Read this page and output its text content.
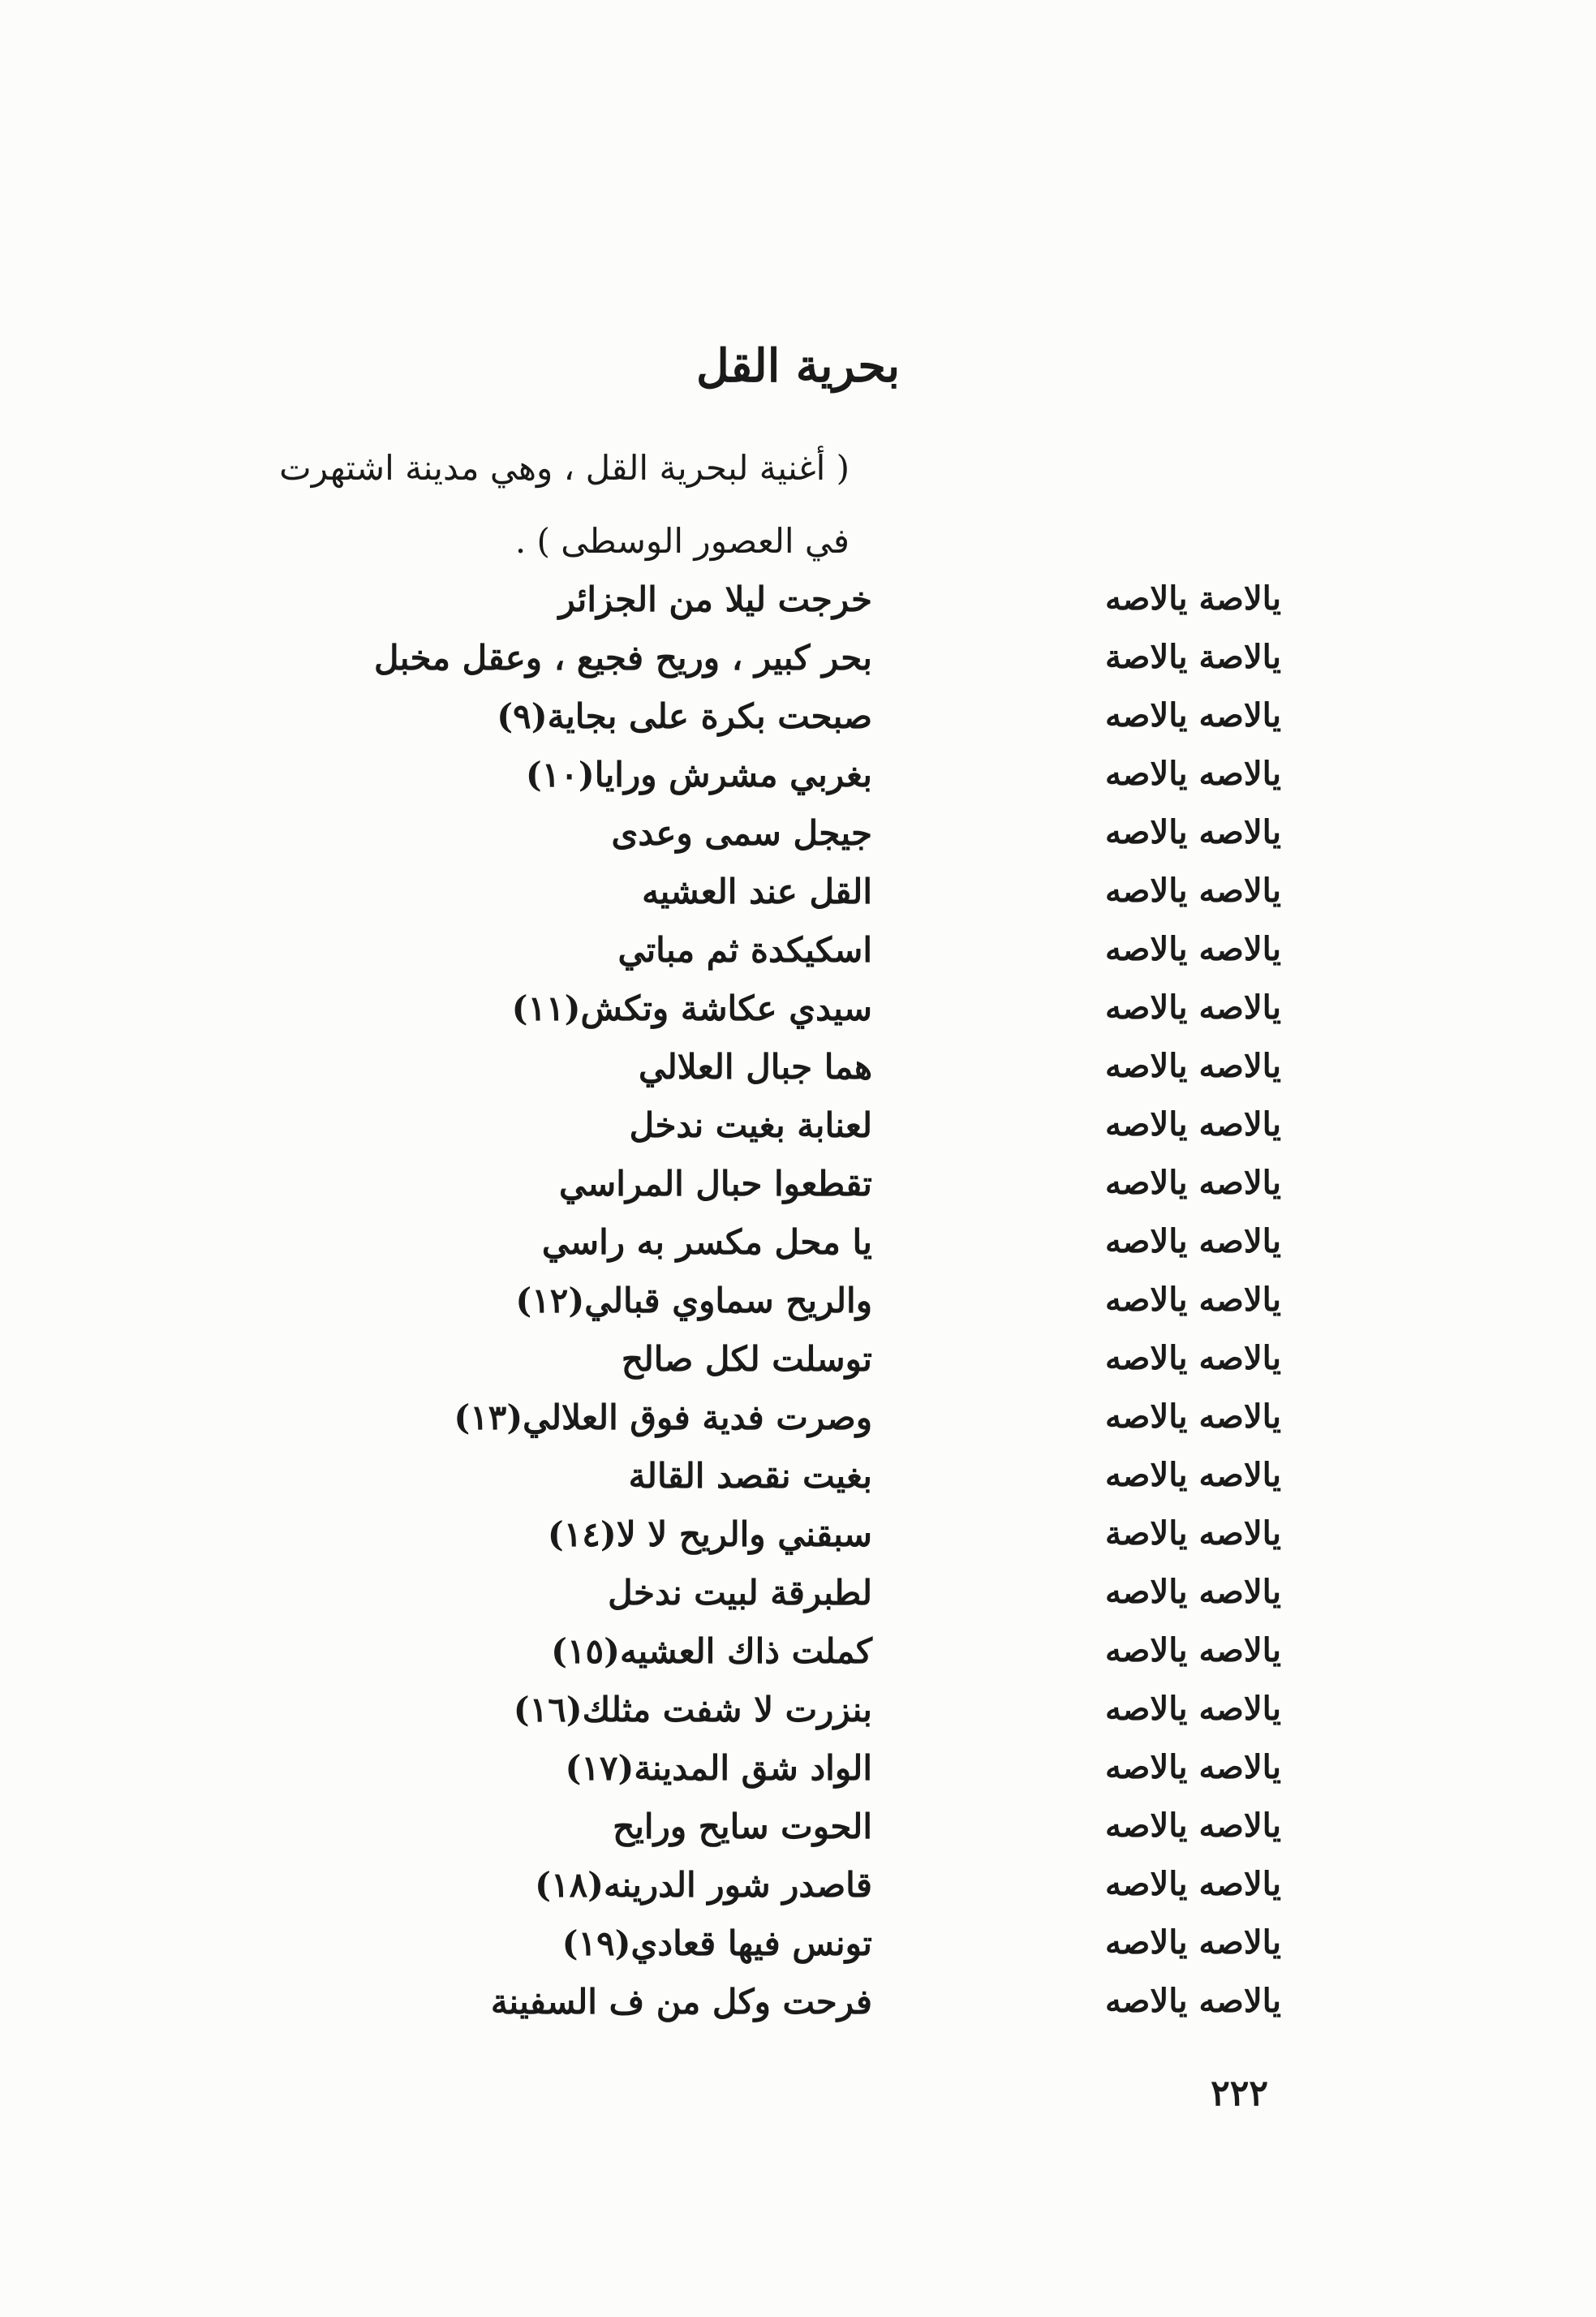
بحرية القل
( أغنية لبحرية القل ، وهي مدينة اشتهرت
في العصور الوسطى ) .
يالاصة يالاصه
خرجت ليلا من الجزائر
يالاصة يالاصة
بحر كبير ، وريح فجيع ، وعقل مخبل
يالاصه يالاصه
صبحت بكرة على بجاية(٩)
يالاصه يالاصه
بغربي مشرش ورايا(١٠)
يالاصه يالاصه
جيجل سمى وعدى
يالاصه يالاصه
القل عند العشيه
يالاصه يالاصه
اسكيكدة ثم مباتي
يالاصه يالاصه
سيدي عكاشة وتكش(١١)
يالاصه يالاصه
هما جبال العلالي
يالاصه يالاصه
لعنابة بغيت ندخل
يالاصه يالاصه
تقطعوا حبال المراسي
يالاصه يالاصه
يا محل مكسر به راسي
يالاصه يالاصه
والريح سماوي قبالي(١٢)
يالاصه يالاصه
توسلت لكل صالح
يالاصه يالاصه
وصرت فدية فوق العلالي(١٣)
يالاصه يالاصه
بغيت نقصد القالة
يالاصه يالاصة
سبقني والريح لا لا(١٤)
يالاصه يالاصه
لطبرقة لبيت ندخل
يالاصه يالاصه
كملت ذاك العشيه(١٥)
يالاصه يالاصه
بنزرت لا شفت مثلك(١٦)
يالاصه يالاصه
الواد شق المدينة(١٧)
يالاصه يالاصه
الحوت سايح ورايح
يالاصه يالاصه
قاصدر شور الدرينه(١٨)
يالاصه يالاصه
تونس فيها قعادي(١٩)
يالاصه يالاصه
فرحت وكل من ف السفينة
٢٢٢
